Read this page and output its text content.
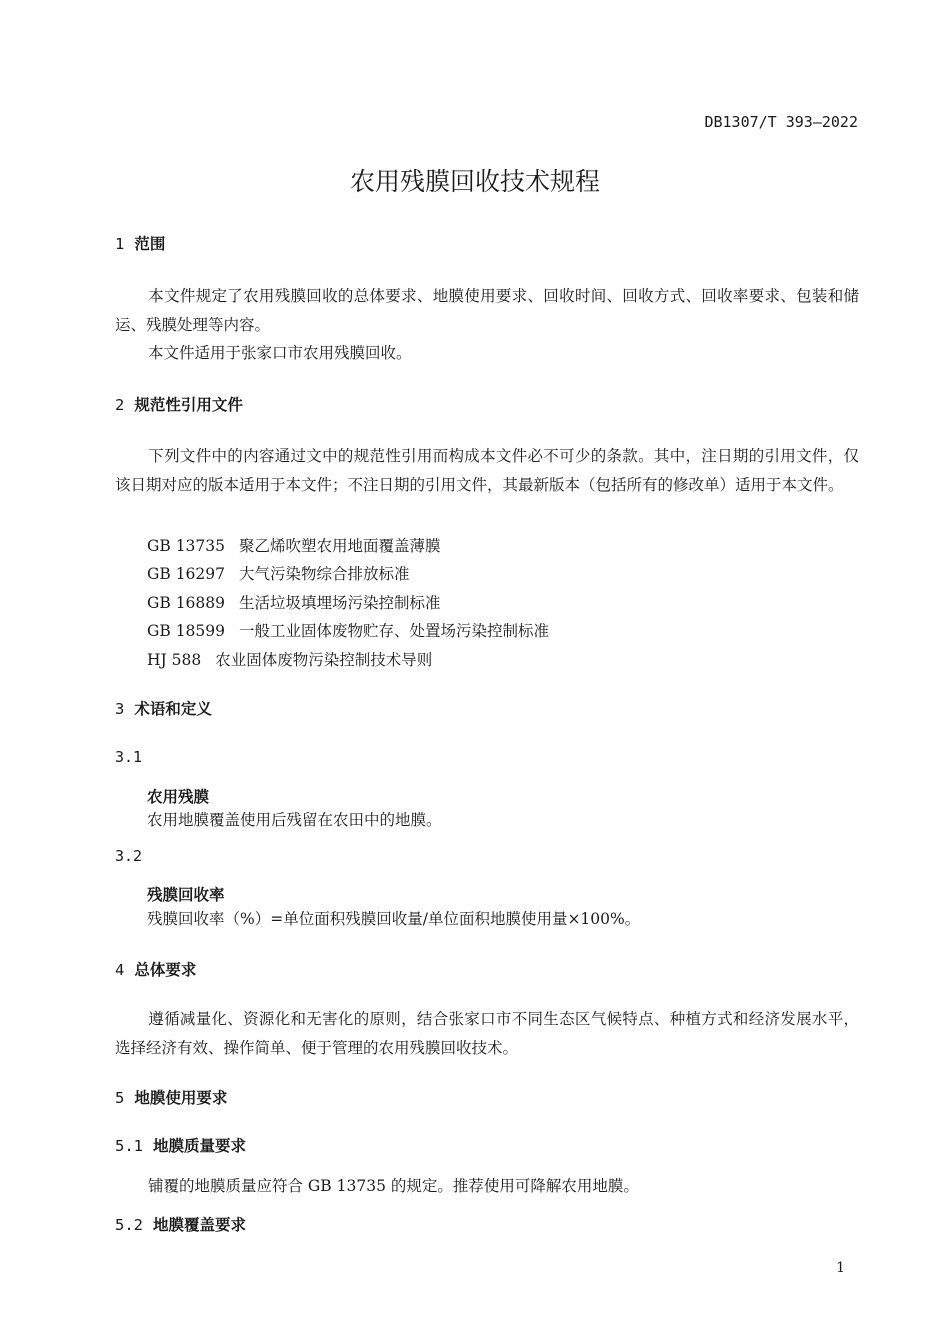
DB1307/T 393—2022
农用残膜回收技术规程
1 范围
本文件规定了农用残膜回收的总体要求、地膜使用要求、回收时间、回收方式、回收率要求、包装和储运、残膜处理等内容。
本文件适用于张家口市农用残膜回收。
2 规范性引用文件
下列文件中的内容通过文中的规范性引用而构成本文件必不可少的条款。其中，注日期的引用文件，仅该日期对应的版本适用于本文件；不注日期的引用文件，其最新版本（包括所有的修改单）适用于本文件。
GB 13735 聚乙烯吹塑农用地面覆盖薄膜
GB 16297 大气污染物综合排放标准
GB 16889 生活垃圾填埋场污染控制标准
GB 18599 一般工业固体废物贮存、处置场污染控制标准
HJ 588 农业固体废物污染控制技术导则
3 术语和定义
3.1
农用残膜
农用地膜覆盖使用后残留在农田中的地膜。
3.2
残膜回收率
残膜回收率（%）=单位面积残膜回收量/单位面积地膜使用量×100%。
4 总体要求
遵循减量化、资源化和无害化的原则，结合张家口市不同生态区气候特点、种植方式和经济发展水平，选择经济有效、操作简单、便于管理的农用残膜回收技术。
5 地膜使用要求
5.1 地膜质量要求
铺覆的地膜质量应符合 GB 13735 的规定。推荐使用可降解农用地膜。
5.2 地膜覆盖要求
1
